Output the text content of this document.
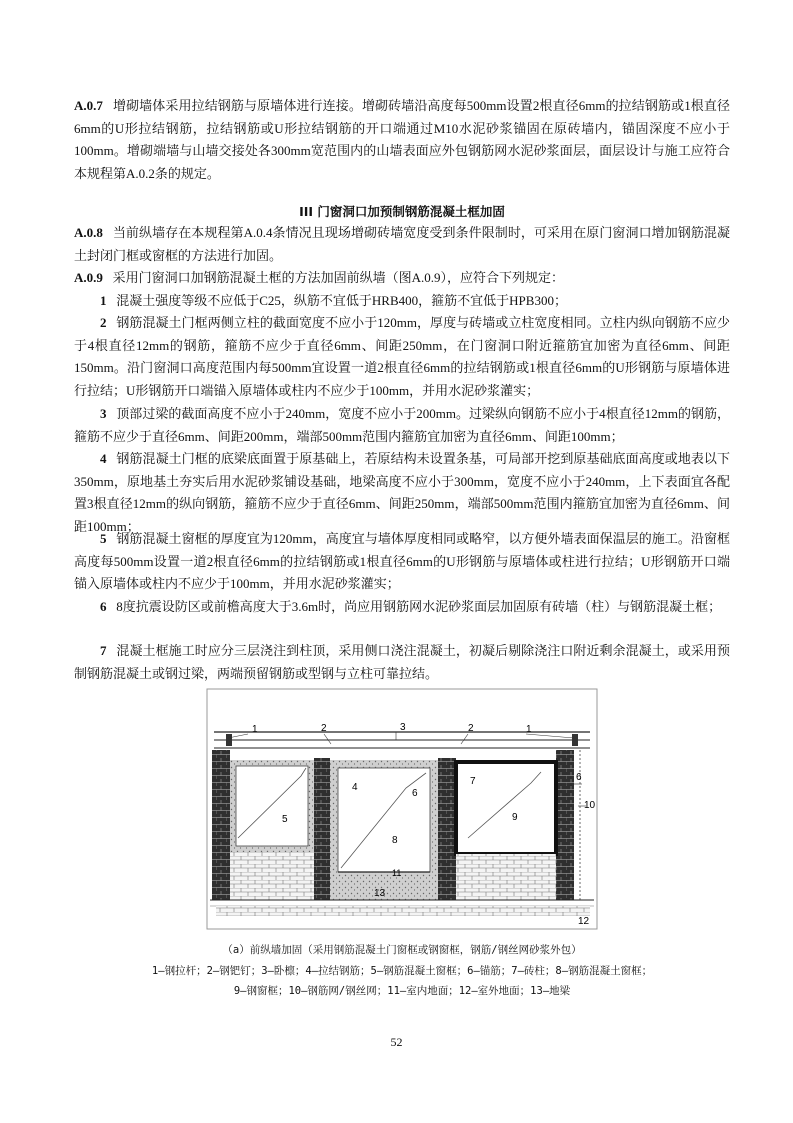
A.0.7 增砌墙体采用拉结钢筋与原墙体进行连接。增砌砖墙沿高度每500mm设置2根直径6mm的拉结钢筋或1根直径6mm的U形拉结钢筋，拉结钢筋或U形拉结钢筋的开口端通过M10水泥砂浆锚固在原砖墙内，锚固深度不应小于100mm。增砌端墙与山墙交接处各300mm宽范围内的山墙表面应外包钢筋网水泥砂浆面层，面层设计与施工应符合本规程第A.0.2条的规定。

III 门窗洞口加预制钢筋混凝土框加固

A.0.8 当前纵墙存在本规程第A.0.4条情况且现场增砌砖墙宽度受到条件限制时，可采用在原门窗洞口增加钢筋混凝土封闭门框或窗框的方法进行加固。

A.0.9 采用门窗洞口加钢筋混凝土框的方法加固前纵墙（图A.0.9），应符合下列规定：

1 混凝土强度等级不应低于C25，纵筋不宜低于HRB400，箍筋不宜低于HPB300；

2 钢筋混凝土门框两侧立柱的截面宽度不应小于120mm，厚度与砖墙或立柱宽度相同。立柱内纵向钢筋不应少于4根直径12mm的钢筋，箍筋不应少于直径6mm、间距250mm，在门窗洞口附近箍筋宜加密为直径6mm、间距150mm。沿门窗洞口高度范围内每500mm宜设置一道2根直径6mm的拉结钢筋或1根直径6mm的U形钢筋与原墙体进行拉结；U形钢筋开口端锚入原墙体或柱内不应少于100mm，并用水泥砂浆灌实；

3 顶部过梁的截面高度不应小于240mm，宽度不应小于200mm。过梁纵向钢筋不应小于4根直径12mm的钢筋，箍筋不应少于直径6mm、间距200mm，端部500mm范围内箍筋宜加密为直径6mm、间距100mm；

4 钢筋混凝土门框的底梁底面置于原基础上，若原结构未设置条基，可局部开挖到原基础底面高度或地表以下350mm，原地基土夯实后用水泥砂浆铺设基础，地梁高度不应小于300mm，宽度不应小于240mm，上下表面宜各配置3根直径12mm的纵向钢筋，箍筋不应少于直径6mm、间距250mm，端部500mm范围内箍筋宜加密为直径6mm、间距100mm；

5 钢筋混凝土窗框的厚度宜为120mm，高度宜与墙体厚度相同或略窄，以方便外墙表面保温层的施工。沿窗框高度每500mm设置一道2根直径6mm的拉结钢筋或1根直径6mm的U形钢筋与原墙体或柱进行拉结；U形钢筋开口端锚入原墙体或柱内不应少于100mm，并用水泥砂浆灌实；

6 8度抗震设防区或前檐高度大于3.6m时，尚应用钢筋网水泥砂浆面层加固原有砖墙（柱）与钢筋混凝土框；

7 混凝土框施工时应分三层浇注到柱顶，采用侧口浇注混凝土，初凝后剔除浇注口附近剩余混凝土，或采用预制钢筋混凝土或钢过梁，两端预留钢筋或型钢与立柱可靠拉结。

1	2	3	2	1
4
6
6
7
5	9
8
10
11
13
12
（a）前纵墙加固（采用钢筋混凝土门窗框或钢窗框，钢筋/钢丝网砂浆外包）
1—钢拉杆；2—钢钯钉；3—卧檩；4—拉结钢筋；5—钢筋混凝土窗框；6—锚筋；7—砖柱；8—钢筋混凝土窗框；
9—钢窗框；10—钢筋网/钢丝网；11—室内地面；12—室外地面；13—地梁
52
